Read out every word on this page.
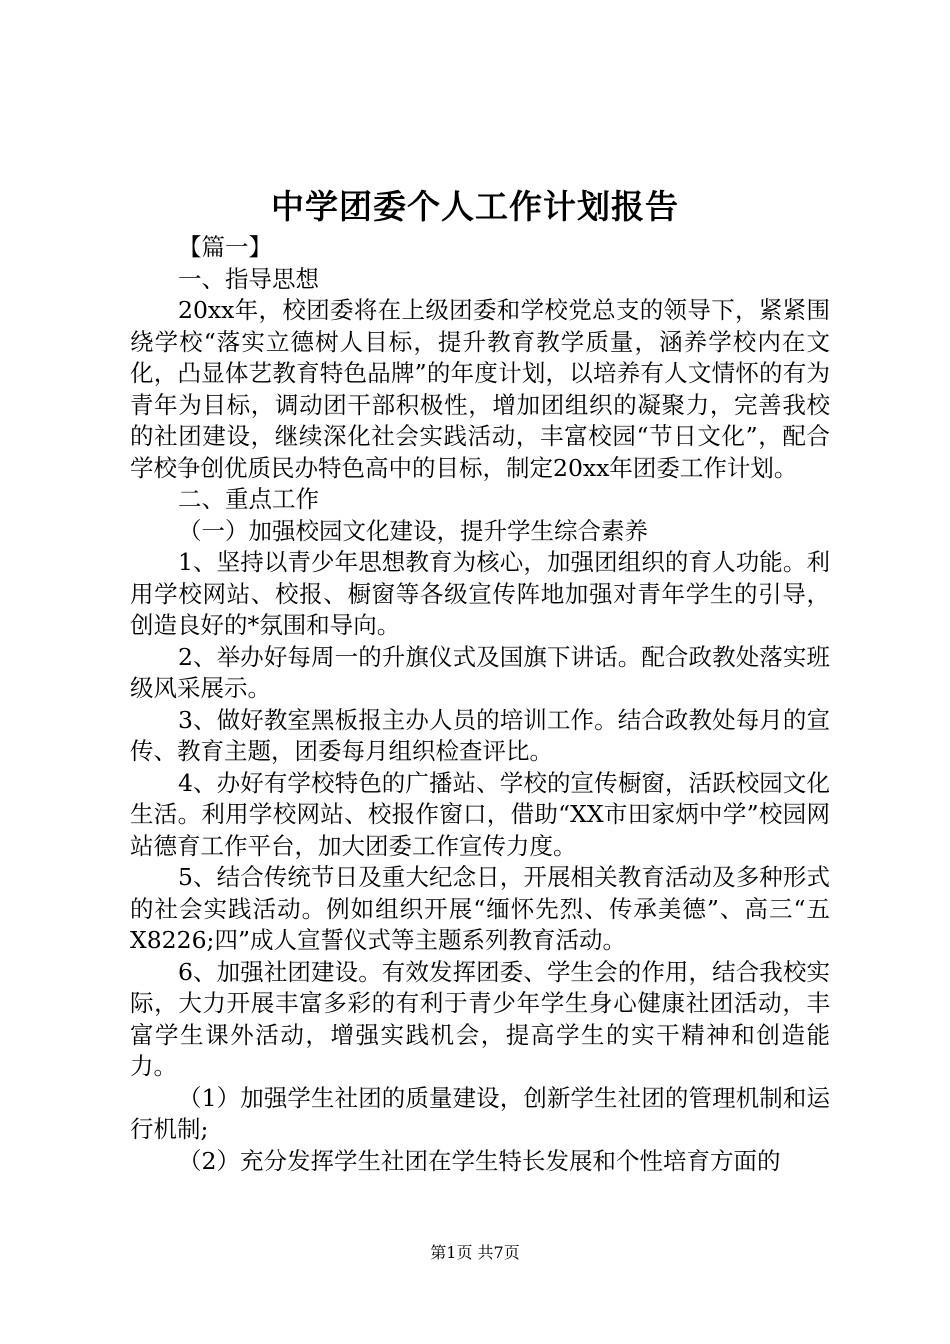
中学团委个人工作计划报告

【篇一】

一、指导思想

20xx年，校团委将在上级团委和学校党总支的领导下，紧紧围绕学校“落实立德树人目标，提升教育教学质量，涵养学校内在文化，凸显体艺教育特色品牌”的年度计划，以培养有人文情怀的有为青年为目标，调动团干部积极性，增加团组织的凝聚力，完善我校的社团建设，继续深化社会实践活动，丰富校园“节日文化”，配合学校争创优质民办特色高中的目标，制定20xx年团委工作计划。

二、重点工作

（一）加强校园文化建设，提升学生综合素养

1、坚持以青少年思想教育为核心，加强团组织的育人功能。利用学校网站、校报、橱窗等各级宣传阵地加强对青年学生的引导，创造良好的*氛围和导向。

2、举办好每周一的升旗仪式及国旗下讲话。配合政教处落实班级风采展示。

3、做好教室黑板报主办人员的培训工作。结合政教处每月的宣传、教育主题，团委每月组织检查评比。

4、办好有学校特色的广播站、学校的宣传橱窗，活跃校园文化生活。利用学校网站、校报作窗口，借助“XX市田家炳中学”校园网站德育工作平台，加大团委工作宣传力度。

5、结合传统节日及重大纪念日，开展相关教育活动及多种形式的社会实践活动。例如组织开展“缅怀先烈、传承美德”、高三“五X8226;四”成人宣誓仪式等主题系列教育活动。

6、加强社团建设。有效发挥团委、学生会的作用，结合我校实际，大力开展丰富多彩的有利于青少年学生身心健康社团活动，丰富学生课外活动，增强实践机会，提高学生的实干精神和创造能力。

（1）加强学生社团的质量建设，创新学生社团的管理机制和运行机制;

（2）充分发挥学生社团在学生特长发展和个性培育方面的

第1页 共7页
